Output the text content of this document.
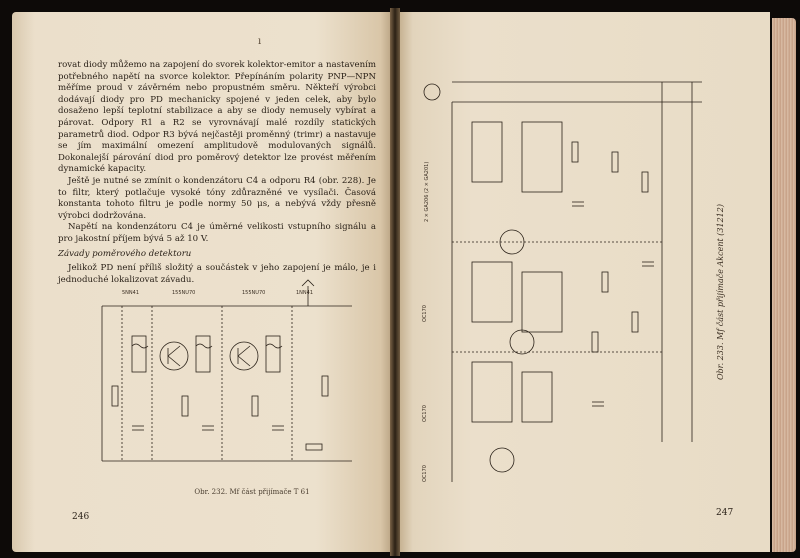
ı

rovat diody můžemo na zapojení do svorek kolektor-emitor a nastavením potřebného napětí na svorce kolektor. Přepínáním polarity PNP—NPN měříme proud v závěrném nebo propustném směru. Někteří výrobci dodávají diody pro PD mechanicky spojené v jeden celek, aby bylo dosaženo lepší teplotní stabilizace a aby se diody nemusely vybírat a párovat. Odpory R1 a R2 se vyrovnávají malé rozdíly statických parametrů diod. Odpor R3 bývá nejčastěji proměnný (trimr) a nastavuje se jím maximální omezení amplitudově modulovaných signálů. Dokonalejší párování diod pro poměrový detektor lze provést měřením dynamické kapacity.

Ještě je nutné se zmínit o kondenzátoru C4 a odporu R4 (obr. 228). Je to filtr, který potlačuje vysoké tóny zdůrazněné ve vysílači. Časová konstanta tohoto filtru je podle normy 50 μs, a nebývá vždy přesně výrobci dodržována.

Napětí na kondenzátoru C4 je úměrné velikosti vstupního signálu a pro jakostní příjem bývá 5 až 10 V.

Závady poměrového detektoru

Jelikož PD není příliš složitý a součástek v jeho zapojení je málo, je i jednoduché lokalizovat závadu.

5NN41	155NU70	155NU70	1NN41
Obr. 232. Mf část přijímače T 61
246
OC170
OC170
OC170
2 × GA206 (2 × GA201)
Obr. 233. Mf část přijímače Akcent (31212)
247
